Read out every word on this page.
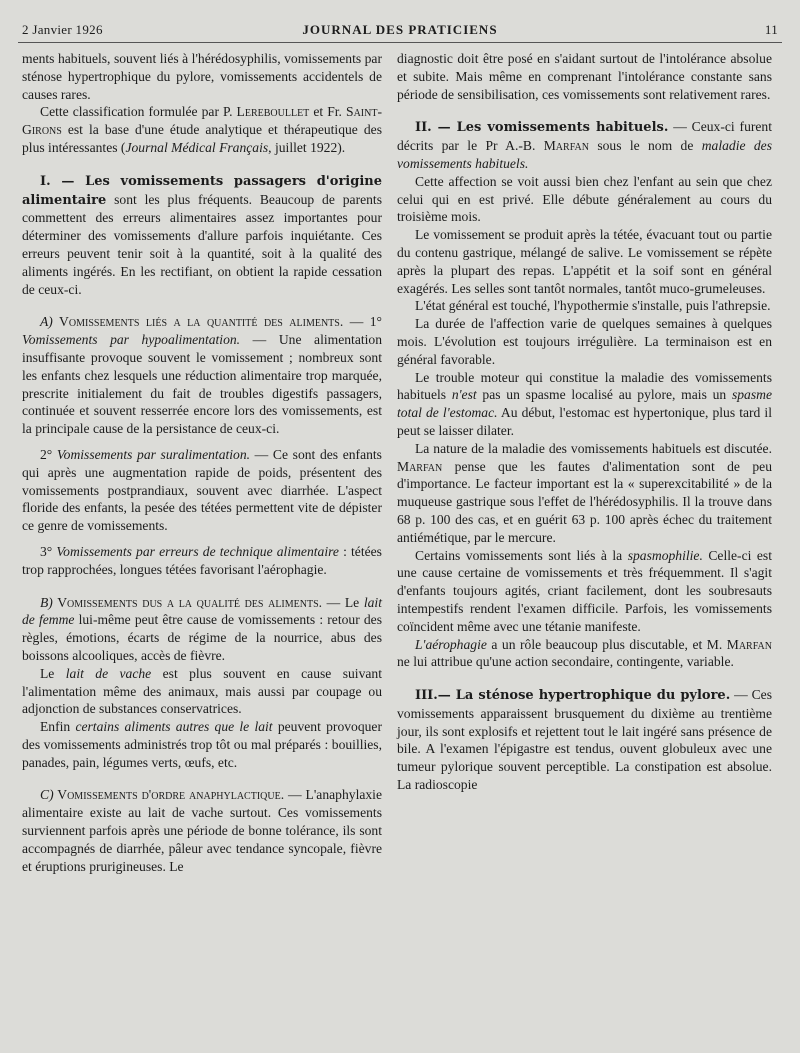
2 Janvier 1926	JOURNAL DES PRATICIENS	11

ments habituels, souvent liés à l'hérédosyphilis, vomissements par sténose hypertrophique du pylore, vomissements accidentels de causes rares.

Cette classification formulée par P. Lereboullet et Fr. Saint-Girons est la base d'une étude analytique et thérapeutique des plus intéressantes (Journal Médical Français, juillet 1922).

I. — Les vomissements passagers d'origine alimentaire sont les plus fréquents. Beaucoup de parents commettent des erreurs alimentaires assez importantes pour déterminer des vomissements d'allure parfois inquiétante. Ces erreurs peuvent tenir soit à la quantité, soit à la qualité des aliments ingérés. En les rectifiant, on obtient la rapide cessation de ceux-ci.

A) Vomissements liés a la quantité des aliments. — 1° Vomissements par hypoalimentation. — Une alimentation insuffisante provoque souvent le vomissement ; nombreux sont les enfants chez lesquels une réduction alimentaire trop marquée, prescrite initialement du fait de troubles digestifs passagers, continuée et souvent resserrée encore lors des vomissements, est la principale cause de la persistance de ceux-ci.

2° Vomissements par suralimentation. — Ce sont des enfants qui après une augmentation rapide de poids, présentent des vomissements postprandiaux, souvent avec diarrhée. L'aspect floride des enfants, la pesée des tétées permettent vite de dépister ce genre de vomissements.

3° Vomissements par erreurs de technique alimentaire : tétées trop rapprochées, longues tétées favorisant l'aérophagie.

B) Vomissements dus a la qualité des aliments. — Le lait de femme lui-même peut être cause de vomissements : retour des règles, émotions, écarts de régime de la nourrice, abus des boissons alcooliques, accès de fièvre.

Le lait de vache est plus souvent en cause suivant l'alimentation même des animaux, mais aussi par coupage ou adjonction de substances conservatrices.

Enfin certains aliments autres que le lait peuvent provoquer des vomissements administrés trop tôt ou mal préparés : bouillies, panades, pain, légumes verts, œufs, etc.

C) Vomissements d'ordre anaphylactique. — L'anaphylaxie alimentaire existe au lait de vache surtout. Ces vomissements surviennent parfois après une période de bonne tolérance, ils sont accompagnés de diarrhée, pâleur avec tendance syncopale, fièvre et éruptions prurigineuses. Le

diagnostic doit être posé en s'aidant surtout de l'intolérance absolue et subite. Mais même en comprenant l'intolérance constante sans période de sensibilisation, ces vomissements sont relativement rares.

II. — Les vomissements habituels. — Ceux-ci furent décrits par le Pr A.-B. Marfan sous le nom de maladie des vomissements habituels.

Cette affection se voit aussi bien chez l'enfant au sein que chez celui qui en est privé. Elle débute généralement au cours du troisième mois.

Le vomissement se produit après la tétée, évacuant tout ou partie du contenu gastrique, mélangé de salive. Le vomissement se répète après la plupart des repas. L'appétit et la soif sont en général exagérés. Les selles sont tantôt normales, tantôt muco-grumeleuses.

L'état général est touché, l'hypothermie s'installe, puis l'athrepsie.

La durée de l'affection varie de quelques semaines à quelques mois. L'évolution est toujours irrégulière. La terminaison est en général favorable.

Le trouble moteur qui constitue la maladie des vomissements habituels n'est pas un spasme localisé au pylore, mais un spasme total de l'estomac. Au début, l'estomac est hypertonique, plus tard il peut se laisser dilater.

La nature de la maladie des vomissements habituels est discutée. Marfan pense que les fautes d'alimentation sont de peu d'importance. Le facteur important est la « superexcitabilité » de la muqueuse gastrique sous l'effet de l'hérédosyphilis. Il la trouve dans 68 p. 100 des cas, et en guérit 63 p. 100 après échec du traitement antiémétique, par le mercure.

Certains vomissements sont liés à la spasmophilie. Celle-ci est une cause certaine de vomissements et très fréquemment. Il s'agit d'enfants toujours agités, criant facilement, dont les soubresauts intempestifs rendent l'examen difficile. Parfois, les vomissements coïncident même avec une tétanie manifeste.

L'aérophagie a un rôle beaucoup plus discutable, et M. Marfan ne lui attribue qu'une action secondaire, contingente, variable.

III.— La sténose hypertrophique du pylore. — Ces vomissements apparaissent brusquement du dixième au trentième jour, ils sont explosifs et rejettent tout le lait ingéré sans présence de bile. A l'examen l'épigastre est tendus, ouvent globuleux avec une tumeur pylorique souvent perceptible. La constipation est absolue. La radioscopie
